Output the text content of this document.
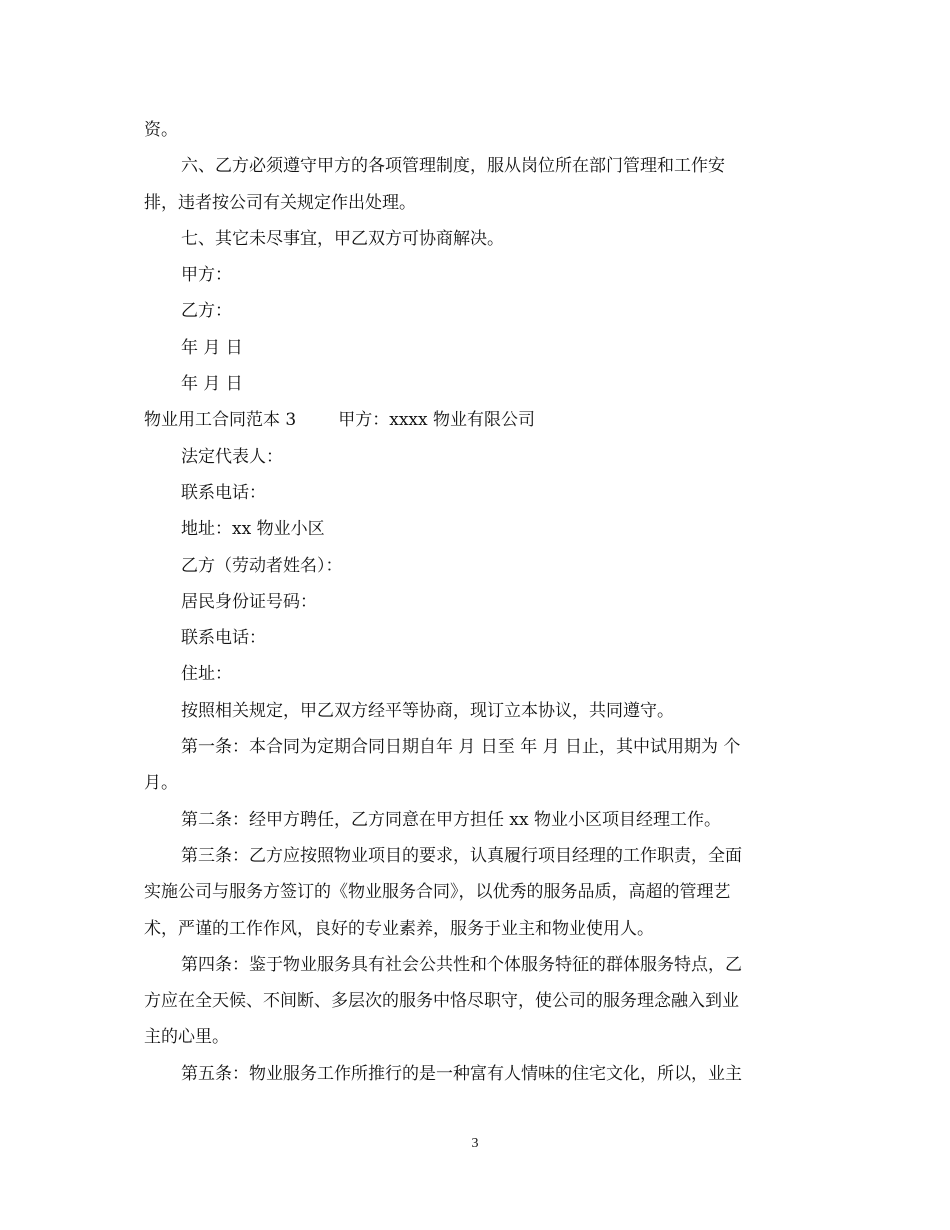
资。

六、乙方必须遵守甲方的各项管理制度，服从岗位所在部门管理和工作安

排，违者按公司有关规定作出处理。

七、其它未尽事宜，甲乙双方可协商解决。

甲方：

乙方：

年 月 日

年 月 日

物业用工合同范本 3 甲方：xxxx 物业有限公司

法定代表人：

联系电话：

地址：xx 物业小区

乙方（劳动者姓名）：

居民身份证号码：

联系电话：

住址：

按照相关规定，甲乙双方经平等协商，现订立本协议，共同遵守。

第一条：本合同为定期合同日期自年 月 日至 年 月 日止，其中试用期为 个

月。

第二条：经甲方聘任，乙方同意在甲方担任 xx 物业小区项目经理工作。

第三条：乙方应按照物业项目的要求，认真履行项目经理的工作职责，全面

实施公司与服务方签订的《物业服务合同》，以优秀的服务品质，高超的管理艺

术，严谨的工作作风，良好的专业素养，服务于业主和物业使用人。

第四条：鉴于物业服务具有社会公共性和个体服务特征的群体服务特点，乙

方应在全天候、不间断、多层次的服务中恪尽职守，使公司的服务理念融入到业

主的心里。

第五条：物业服务工作所推行的是一种富有人情味的住宅文化，所以，业主

3
